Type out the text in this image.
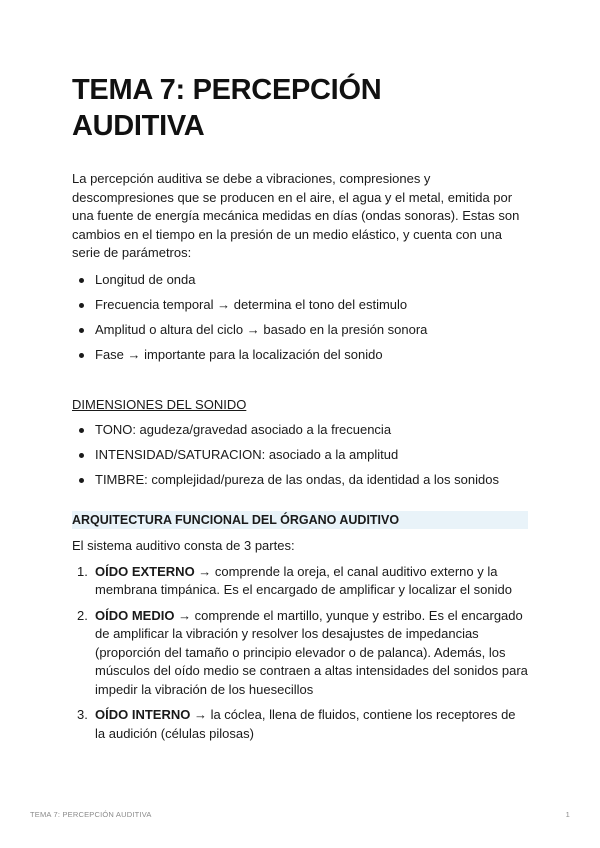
TEMA 7: PERCEPCIÓN
AUDITIVA

La percepción auditiva se debe a vibraciones, compresiones y descompresiones que se producen en el aire, el agua y el metal, emitida por una fuente de energía mecánica medidas en días (ondas sonoras). Estas son cambios en el tiempo en la presión de un medio elástico, y cuenta con una serie de parámetros:

Longitud de onda
Frecuencia temporal → determina el tono del estimulo
Amplitud o altura del ciclo → basado en la presión sonora
Fase → importante para la localización del sonido
DIMENSIONES DEL SONIDO
TONO: agudeza/gravedad asociado a la frecuencia
INTENSIDAD/SATURACION: asociado a la amplitud
TIMBRE: complejidad/pureza de las ondas, da identidad a los sonidos
ARQUITECTURA FUNCIONAL DEL ÓRGANO AUDITIVO
El sistema auditivo consta de 3 partes:
1. OÍDO EXTERNO → comprende la oreja, el canal auditivo externo y la membrana timpánica. Es el encargado de amplificar y localizar el sonido
2. OÍDO MEDIO → comprende el martillo, yunque y estribo. Es el encargado de amplificar la vibración y resolver los desajustes de impedancias (proporción del tamaño o principio elevador o de palanca). Además, los músculos del oído medio se contraen a altas intensidades del sonidos para impedir la vibración de los huesecillos
3. OÍDO INTERNO → la cóclea, llena de fluidos, contiene los receptores de la audición (células pilosas)
TEMA 7: PERCEPCIÓN AUDITIVA	1
